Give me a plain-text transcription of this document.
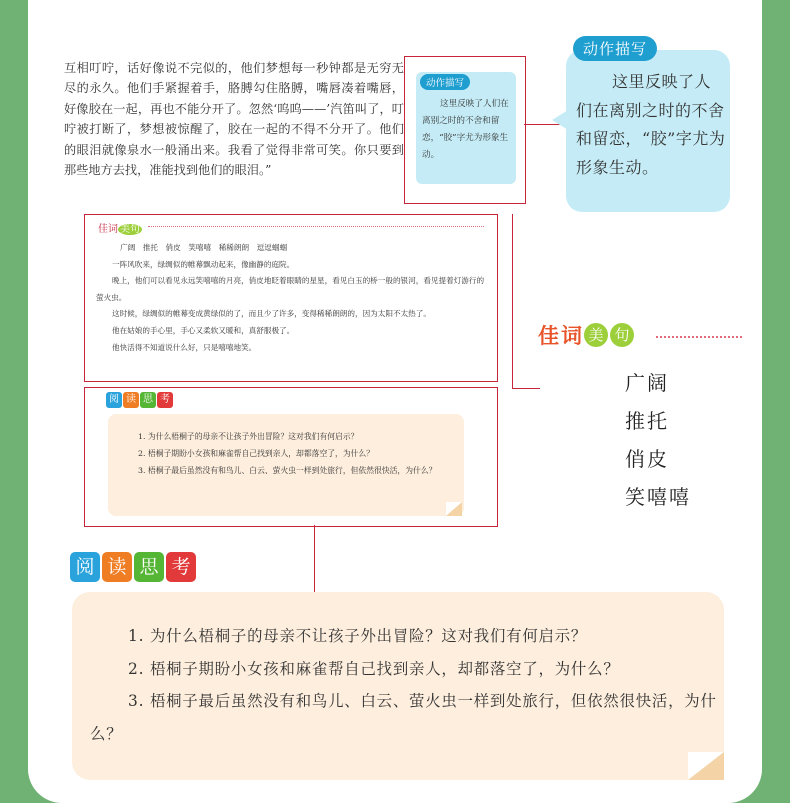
互相叮咛，话好像说不完似的，他们梦想每一秒钟都是无穷无尽的永久。他们手紧握着手，胳膊勾住胳膊，嘴唇凑着嘴唇，好像胶在一起，再也不能分开了。忽然‘呜呜——’汽笛叫了，叮咛被打断了，梦想被惊醒了，胶在一起的不得不分开了。他们的眼泪就像泉水一般涌出来。我看了觉得非常可笑。你只要到那些地方去找，准能找到他们的眼泪。”
动作描写
这里反映了人们在离别之时的不舍和留恋，“胶”字尤为形象生动。
动作描写
这里反映了人们在离别之时的不舍和留恋，“胶”字尤为形象生动。
佳词 美句

广阔　推托　俏皮　笑嘻嘻　稀稀朗朗　逗逗蝈蝈

一阵风吹来，绿绸似的帷幕飘动起来，像幽静的庭院。

晚上，他们可以看见永远笑嘻嘻的月亮，俏皮地眨着眼睛的星星，看见白玉的桥一般的银河，看见提着灯游行的萤火虫。

这时候，绿绸似的帷幕变成黄绿似的了，而且少了许多，变得稀稀朗朗的，因为太阳不太热了。

他在姑娘的手心里，手心又柔软又暖和，真舒服极了。

他快活得不知道说什么好，只是嘻嘻地笑。

阅 读 思 考

1. 为什么梧桐子的母亲不让孩子外出冒险？这对我们有何启示？

2. 梧桐子期盼小女孩和麻雀帮自己找到亲人，却都落空了，为什么？

3. 梧桐子最后虽然没有和鸟儿、白云、萤火虫一样到处旅行，但依然很快活，为什么？

佳 词 美 句
广阔
推托
俏皮
笑嘻嘻
阅 读 思 考

1. 为什么梧桐子的母亲不让孩子外出冒险？这对我们有何启示？

2. 梧桐子期盼小女孩和麻雀帮自己找到亲人，却都落空了，为什么？

3. 梧桐子最后虽然没有和鸟儿、白云、萤火虫一样到处旅行，但依然很快活，为什么？
